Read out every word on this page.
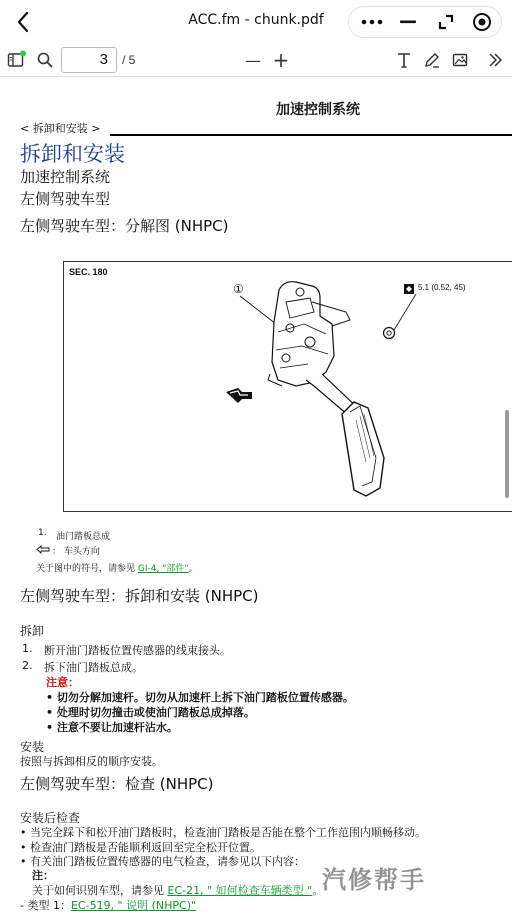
ACC.fm - chunk.pdf
3	/ 5	— +
加速控制系统
< 拆卸和安装 >
拆卸和安装
加速控制系统
左侧驾驶车型
左侧驾驶车型：分解图 (NHPC)
SEC. 180
①	5.1 (0.52, 45)
1. 油门踏板总成
： 车头方向
关于图中的符号，请参见 GI-4, "部件"。
左侧驾驶车型：拆卸和安装 (NHPC)
拆卸
1. 断开油门踏板位置传感器的线束接头。
2. 拆下油门踏板总成。
注意：
• 切勿分解加速杆。切勿从加速杆上拆下油门踏板位置传感器。
• 处理时切勿撞击或使油门踏板总成掉落。
• 注意不要让加速杆沾水。
安装
按照与拆卸相反的顺序安装。
左侧驾驶车型：检查 (NHPC)
安装后检查
• 当完全踩下和松开油门踏板时，检查油门踏板是否能在整个工作范围内顺畅移动。
• 检查油门踏板是否能顺利返回至完全松开位置。
• 有关油门踏板位置传感器的电气检查，请参见以下内容：
注：
关于如何识别车型，请参见 EC-21, " 如何检查车辆类型 "。
- 类型 1：EC-519, " 说明 (NHPC)"
汽修帮手
